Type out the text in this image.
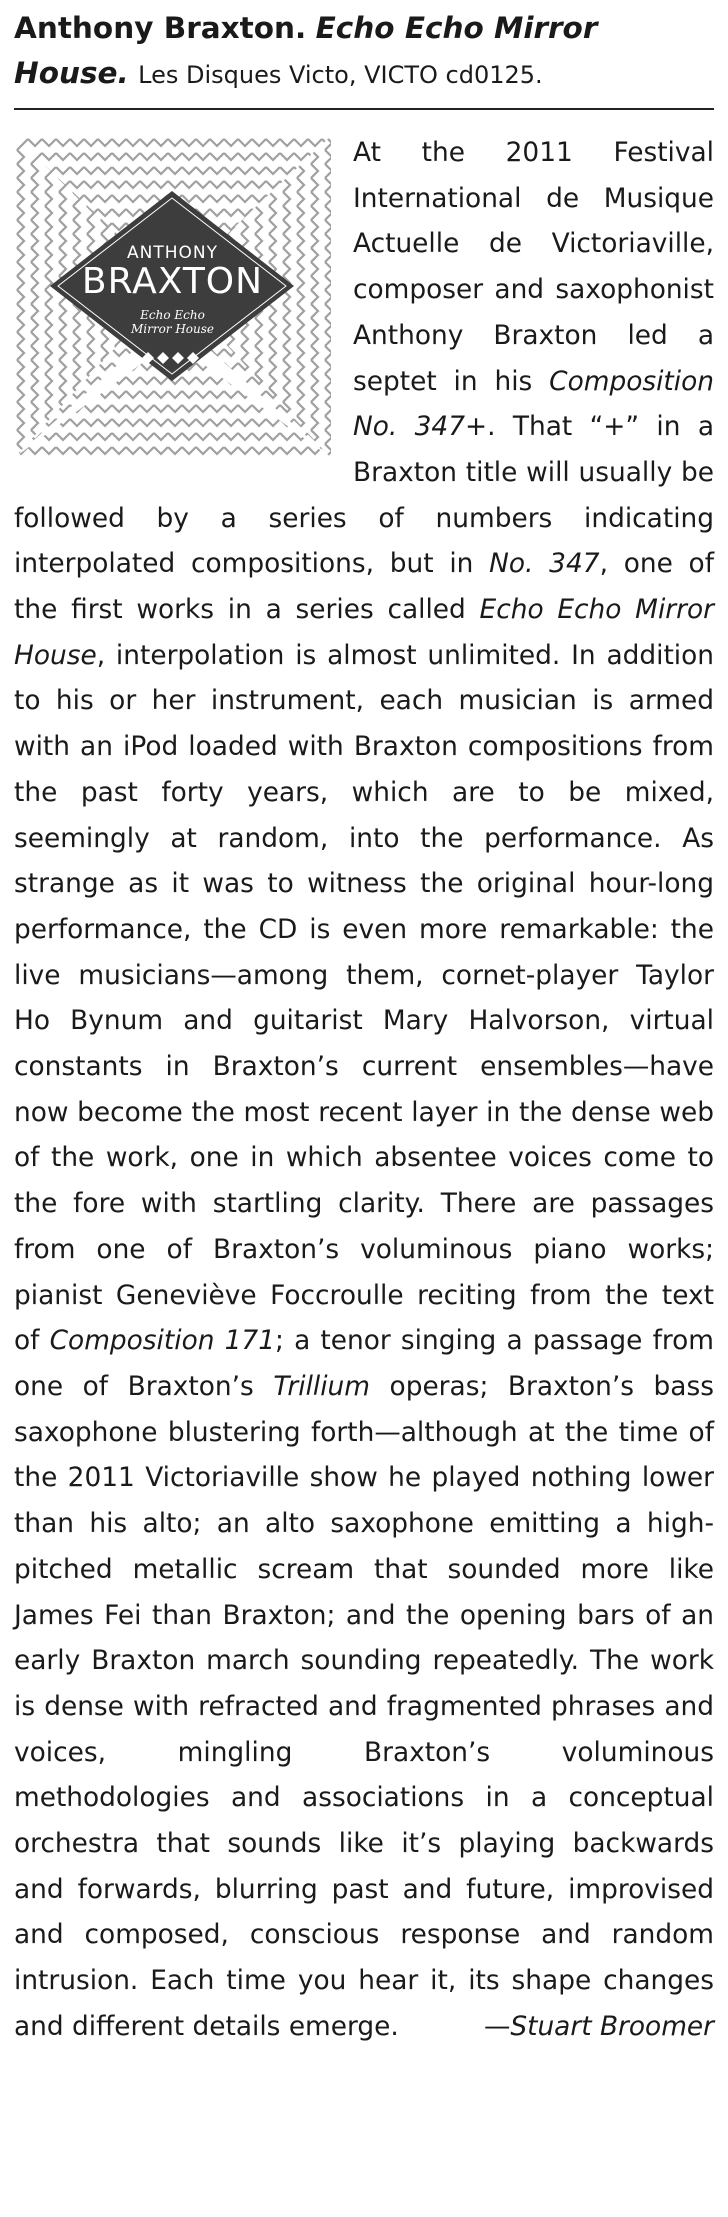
Anthony Braxton. Echo Echo Mirror House. Les Disques Victo, VICTO cd0125.
ANTHONY
BRAXTON
Echo Echo
Mirror House

At the 2011 Festival International de Musique Actuelle de Victoriaville, composer and saxophonist Anthony Braxton led a septet in his Composition No. 347+. That “+” in a Braxton title will usually be followed by a series of numbers indicating interpolated compositions, but in No. 347, one of the first works in a series called Echo Echo Mirror House, interpolation is almost unlimited. In addition to his or her instrument, each musician is armed with an iPod loaded with Braxton compositions from the past forty years, which are to be mixed, seemingly at random, into the performance. As strange as it was to witness the original hour-long performance, the CD is even more remarkable: the live musicians—among them, cornet-player Taylor Ho Bynum and guitarist Mary Halvorson, virtual constants in Braxton’s current ensembles—have now become the most recent layer in the dense web of the work, one in which absentee voices come to the fore with startling clarity. There are passages from one of Braxton’s voluminous piano works; pianist Geneviève Foccroulle reciting from the text of Composition 171; a tenor singing a passage from one of Braxton’s Trillium operas; Braxton’s bass saxophone blustering forth—although at the time of the 2011 Victoriaville show he played nothing lower than his alto; an alto saxophone emitting a high-pitched metallic scream that sounded more like James Fei than Braxton; and the opening bars of an early Braxton march sounding repeatedly. The work is dense with refracted and fragmented phrases and voices, mingling Braxton’s voluminous methodologies and associations in a conceptual orchestra that sounds like it’s playing backwards and forwards, blurring past and future, improvised and composed, conscious response and random intrusion. Each time you hear it, its shape changes and different details emerge.	—Stuart Broomer
